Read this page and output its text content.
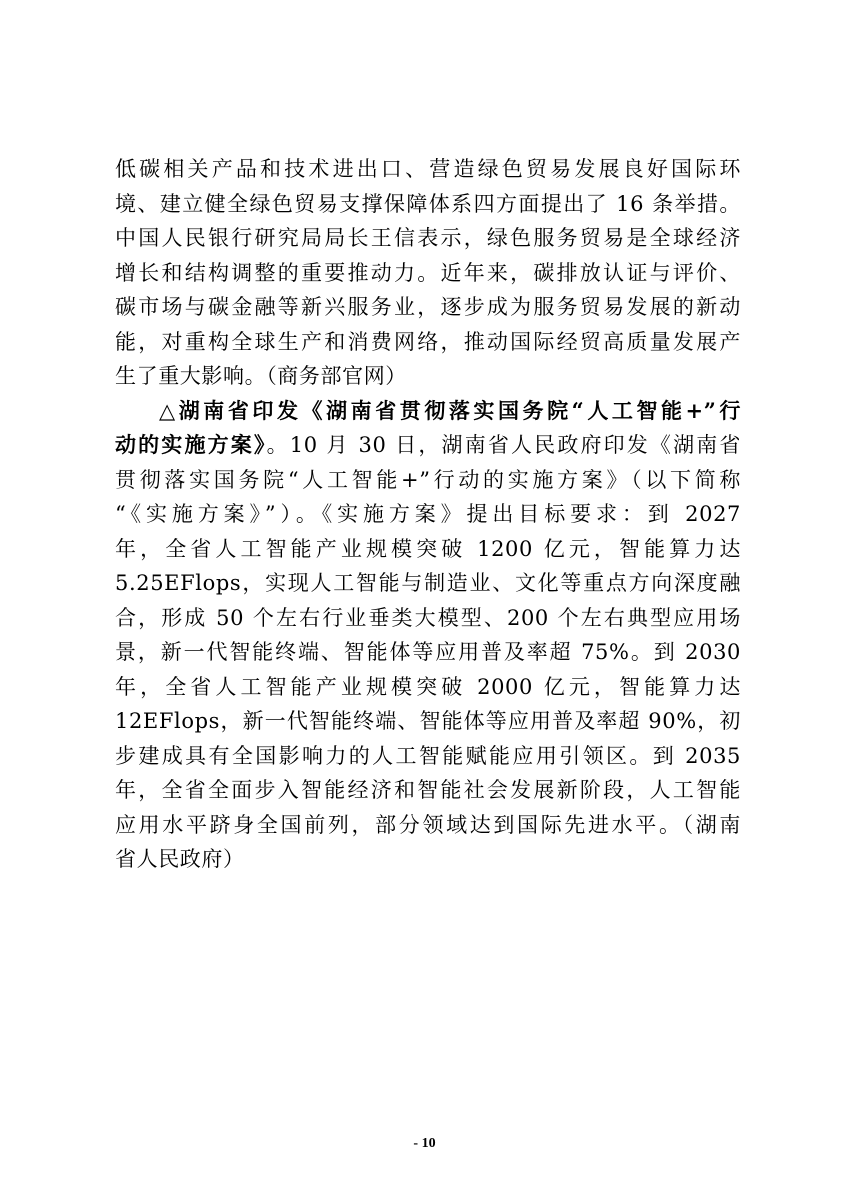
低碳相关产品和技术进出口、营造绿色贸易发展良好国际环
境、建立健全绿色贸易支撑保障体系四方面提出了 16 条举措。
中国人民银行研究局局长王信表示，绿色服务贸易是全球经济
增长和结构调整的重要推动力。近年来，碳排放认证与评价、
碳市场与碳金融等新兴服务业，逐步成为服务贸易发展的新动
能，对重构全球生产和消费网络，推动国际经贸高质量发展产
生了重大影响。（商务部官网）
△湖南省印发《湖南省贯彻落实国务院“人工智能+”行
动的实施方案》。10 月 30 日，湖南省人民政府印发《湖南省
贯彻落实国务院“人工智能+”行动的实施方案》（以下简称
“《实施方案》”）。《实施方案》提出目标要求：到 2027
年，全省人工智能产业规模突破 1200 亿元，智能算力达
5.25EFlops，实现人工智能与制造业、文化等重点方向深度融
合，形成 50 个左右行业垂类大模型、200 个左右典型应用场
景，新一代智能终端、智能体等应用普及率超 75%。到 2030
年，全省人工智能产业规模突破 2000 亿元，智能算力达
12EFlops，新一代智能终端、智能体等应用普及率超 90%，初
步建成具有全国影响力的人工智能赋能应用引领区。到 2035
年，全省全面步入智能经济和智能社会发展新阶段，人工智能
应用水平跻身全国前列，部分领域达到国际先进水平。（湖南
省人民政府）
- 10
